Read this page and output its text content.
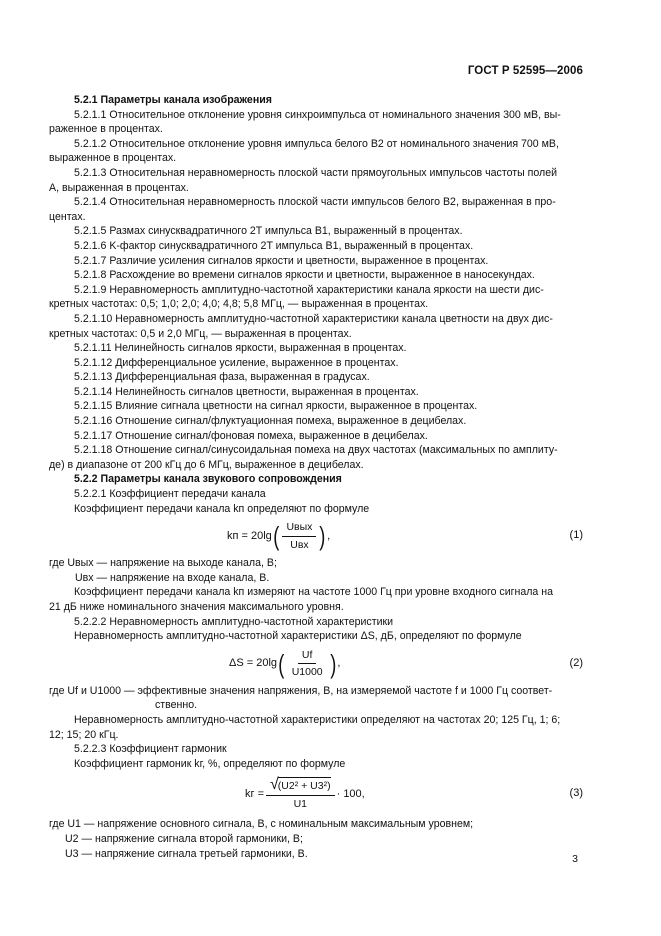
ГОСТ Р 52595—2006

5.2.1 Параметры канала изображения

5.2.1.1 Относительное отклонение уровня синхроимпульса от номинального значения 300 мВ, вы-

раженное в процентах.

5.2.1.2 Относительное отклонение уровня импульса белого B2 от номинального значения 700 мВ,

выраженное в процентах.

5.2.1.3 Относительная неравномерность плоской части прямоугольных импульсов частоты полей

A, выраженная в процентах.

5.2.1.4 Относительная неравномерность плоской части импульсов белого B2, выраженная в про-

центах.

5.2.1.5 Размах синусквадратичного 2T импульса B1, выраженный в процентах.

5.2.1.6 K-фактор синусквадратичного 2T импульса B1, выраженный в процентах.

5.2.1.7 Различие усиления сигналов яркости и цветности, выраженное в процентах.

5.2.1.8 Расхождение во времени сигналов яркости и цветности, выраженное в наносекундах.

5.2.1.9 Неравномерность амплитудно-частотной характеристики канала яркости на шести дис-

кретных частотах: 0,5; 1,0; 2,0; 4,0; 4,8; 5,8 МГц, — выраженная в процентах.

5.2.1.10 Неравномерность амплитудно-частотной характеристики канала цветности на двух дис-

кретных частотах: 0,5 и 2,0 МГц, — выраженная в процентах.

5.2.1.11 Нелинейность сигналов яркости, выраженная в процентах.

5.2.1.12 Дифференциальное усиление, выраженное в процентах.

5.2.1.13 Дифференциальная фаза, выраженная в градусах.

5.2.1.14 Нелинейность сигналов цветности, выраженная в процентах.

5.2.1.15 Влияние сигнала цветности на сигнал яркости, выраженное в процентах.

5.2.1.16 Отношение сигнал/флуктуационная помеха, выраженное в децибелах.

5.2.1.17 Отношение сигнал/фоновая помеха, выраженное в децибелах.

5.2.1.18 Отношение сигнал/синусоидальная помеха на двух частотах (максимальных по амплиту-

де) в диапазоне от 200 кГц до 6 МГц, выраженное в децибелах.

5.2.2 Параметры канала звукового сопровождения

5.2.2.1 Коэффициент передачи канала

Коэффициент передачи канала kп определяют по формуле

kп = 20lg ( $\frac{\text{Uвых}}{\text{Uвх}}$ ) ,	(1)

где Uвых — напряжение на выходе канала, В;

Uвх — напряжение на входе канала, В.

Коэффициент передачи канала kп измеряют на частоте 1000 Гц при уровне входного сигнала на

21 дБ ниже номинального значения максимального уровня.

5.2.2.2 Неравномерность амплитудно-частотной характеристики

Неравномерность амплитудно-частотной характеристики ΔS, дБ, определяют по формуле

ΔS = 20lg ( $\frac{Uf}{U1000}$ ) ,	(2)

где Uf и U1000 — эффективные значения напряжения, В, на измеряемой частоте f и 1000 Гц соответ-

ственно.

Неравномерность амплитудно-частотной характеристики определяют на частотах 20; 125 Гц, 1; 6;

12; 15; 20 кГц.

5.2.2.3 Коэффициент гармоник

Коэффициент гармоник kг, %, определяют по формуле

kг = $\frac{\text{√ (U2² + U3²)}}{U1} \cdot 100$,	(3)

где U1 — напряжение основного сигнала, В, с номинальным максимальным уровнем;

U2 — напряжение сигнала второй гармоники, В;

U3 — напряжение сигнала третьей гармоники, В.	3
